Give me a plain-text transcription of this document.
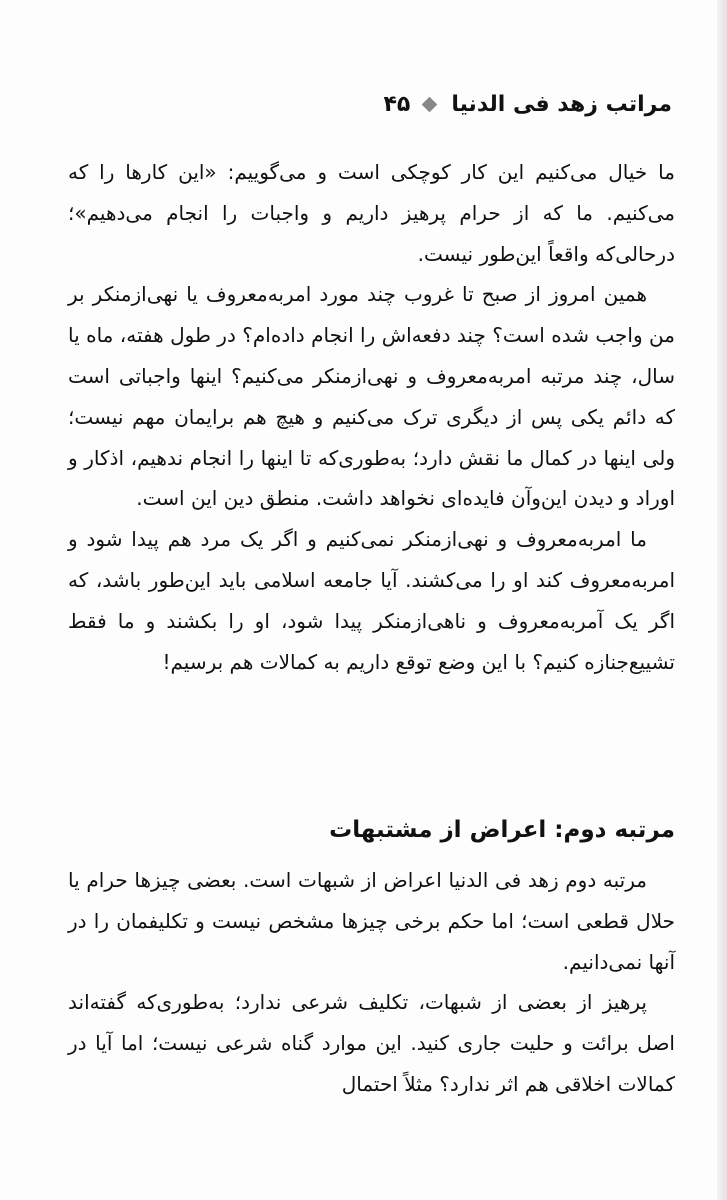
مراتب زهد فی الدنیا
۴۵

ما خیال می‌کنیم این کار کوچکی است و می‌گوییم: «این کارها را که می‌کنیم. ما که از حرام پرهیز داریم و واجبات را انجام می‌دهیم»؛ درحالی‌که واقعاً این‌طور نیست.

همین امروز از صبح تا غروب چند مورد امربه‌معروف یا نهی‌ازمنکر بر من واجب شده است؟ چند دفعه‌اش را انجام داده‌ام؟ در طول هفته، ماه یا سال، چند مرتبه امربه‌معروف و نهی‌ازمنکر می‌کنیم؟ اینها واجباتی است که دائم یکی پس از دیگری ترک می‌کنیم و هیچ هم برایمان مهم نیست؛ ولی اینها در کمال ما نقش دارد؛ به‌طوری‌که تا اینها را انجام ندهیم، اذکار و اوراد و دیدن این‌وآن فایده‌ای نخواهد داشت. منطق دین این است.

ما امربه‌معروف و نهی‌ازمنکر نمی‌کنیم و اگر یک مرد هم پیدا شود و امربه‌معروف کند او را می‌کشند. آیا جامعه اسلامی باید این‌طور باشد، که اگر یک آمربه‌معروف و ناهی‌ازمنکر پیدا شود، او را بکشند و ما فقط تشییع‌جنازه کنیم؟ با این وضع توقع داریم به کمالات هم برسیم!

مرتبه دوم: اعراض از مشتبهات

مرتبه دوم زهد فی الدنیا اعراض از شبهات است. بعضی چیزها حرام یا حلال قطعی است؛ اما حکم برخی چیزها مشخص نیست و تکلیفمان را در آنها نمی‌دانیم.

پرهیز از بعضی از شبهات، تکلیف شرعی ندارد؛ به‌طوری‌که گفته‌اند اصل برائت و حلیت جاری کنید. این موارد گناه شرعی نیست؛ اما آیا در کمالات اخلاقی هم اثر ندارد؟ مثلاً احتمال
